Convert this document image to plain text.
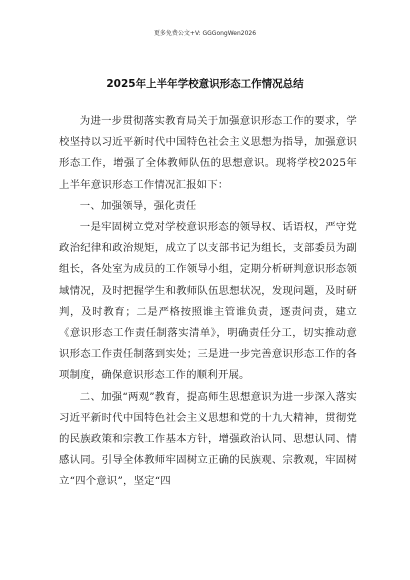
更多免费公文+V: GGGongWen2026
2025年上半年学校意识形态工作情况总结

为进一步贯彻落实教育局关于加强意识形态工作的要求，学校坚持以习近平新时代中国特色社会主义思想为指导，加强意识形态工作，增强了全体教师队伍的思想意识。现将学校2025年上半年意识形态工作情况汇报如下：

一、加强领导，强化责任

一是牢固树立党对学校意识形态的领导权、话语权，严守党政治纪律和政治规矩，成立了以支部书记为组长，支部委员为副组长，各处室为成员的工作领导小组，定期分析研判意识形态领域情况，及时把握学生和教师队伍思想状况，发现问题，及时研判，及时教育；二是严格按照谁主管谁负责，逐责问责，建立《意识形态工作责任制落实清单》，明确责任分工，切实推动意识形态工作责任制落到实处；三是进一步完善意识形态工作的各项制度，确保意识形态工作的顺利开展。

二、加强“两观”教育，提高师生思想意识为进一步深入落实习近平新时代中国特色社会主义思想和党的十九大精神，贯彻党的民族政策和宗教工作基本方针，增强政治认同、思想认同、情感认同。引导全体教师牢固树立正确的民族观、宗教观，牢固树立“四个意识”，坚定“四
